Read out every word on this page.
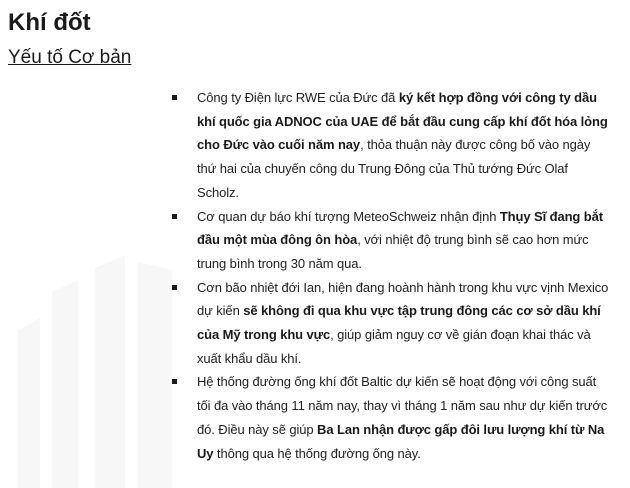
Khí đốt
Yếu tố Cơ bản
Công ty Điện lực RWE của Đức đã ký kết hợp đồng với công ty dầu khí quốc gia ADNOC của UAE để bắt đầu cung cấp khí đốt hóa lỏng cho Đức vào cuối năm nay, thỏa thuận này được công bố vào ngày thứ hai của chuyến công du Trung Đông của Thủ tướng Đức Olaf Scholz.
Cơ quan dự báo khí tượng MeteoSchweiz nhận định Thụy Sĩ đang bắt đầu một mùa đông ôn hòa, với nhiệt độ trung bình sẽ cao hơn mức trung bình trong 30 năm qua.
Cơn bão nhiệt đới Ian, hiện đang hoành hành trong khu vực vịnh Mexico dự kiến sẽ không đi qua khu vực tập trung đông các cơ sở dầu khí của Mỹ trong khu vực, giúp giảm nguy cơ về gián đoạn khai thác và xuất khẩu dầu khí.
Hệ thống đường ống khí đốt Baltic dự kiến sẽ hoạt động với công suất tối đa vào tháng 11 năm nay, thay vì tháng 1 năm sau như dự kiến trước đó. Điều này sẽ giúp Ba Lan nhận được gấp đôi lưu lượng khí từ Na Uy thông qua hệ thống đường ống này.
